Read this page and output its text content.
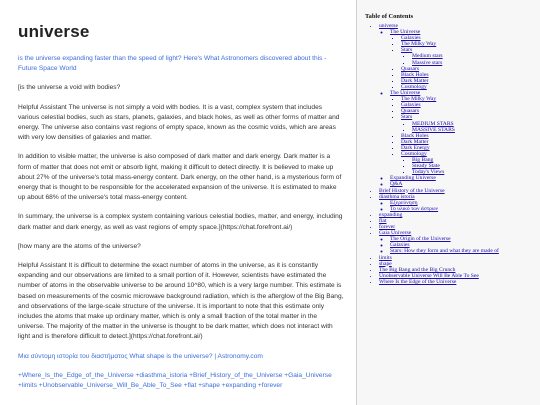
universe

is the universe expanding faster than the speed of light? Here's What Astronomers discovered about this - Future Space World

[is the universe a void with bodies?

Helpful Assistant The universe is not simply a void with bodies. It is a vast, complex system that includes various celestial bodies, such as stars, planets, galaxies, and black holes, as well as other forms of matter and energy. The universe also contains vast regions of empty space, known as the cosmic voids, which are areas with very low densities of galaxies and matter.

In addition to visible matter, the universe is also composed of dark matter and dark energy. Dark matter is a form of matter that does not emit or absorb light, making it difficult to detect directly. It is believed to make up about 27% of the universe's total mass-energy content. Dark energy, on the other hand, is a mysterious form of energy that is thought to be responsible for the accelerated expansion of the universe. It is estimated to make up about 68% of the universe's total mass-energy content.

In summary, the universe is a complex system containing various celestial bodies, matter, and energy, including dark matter and dark energy, as well as vast regions of empty space.](https://chat.forefront.ai/)

[how many are the atoms of the universe?

Helpful Assistant It is difficult to determine the exact number of atoms in the universe, as it is constantly expanding and our observations are limited to a small portion of it. However, scientists have estimated the number of atoms in the observable universe to be around 10^80, which is a very large number. This estimate is based on measurements of the cosmic microwave background radiation, which is the afterglow of the Big Bang, and observations of the large-scale structure of the universe. It is important to note that this estimate only includes the atoms that make up ordinary matter, which is only a small fraction of the total matter in the universe. The majority of the matter in the universe is thought to be dark matter, which does not interact with light and is therefore difficult to detect.](https://chat.forefront.ai/)

Μια σύντομη ιστορία του διαστήματος What shape is the universe? | Astronomy.com

+Where_Is_the_Edge_of_the_Universe +diasthma_istoria +Brief_History_of_the_Universe +Gaia_Universe +limits +Unobservable_Universe_Will_Be_Able_To_See +flat +shape +expanding +forever
Table of Contents
• universe
◦ The Universe
▪ Galaxies
▪ The Milky Way
▪ Stars
▪ Medium stars
▪ Massive stars
▪ Quasars
▪ Black Holes
▪ Dark Matter
▪ Cosmology
◦ The Universe
▪ The Milky Way
▪ Galaxies
▪ Quasars
▪ Stars
▪ MEDIUM STARS
▪ MASSIVE STARS
▪ Black Holes
▪ Dark Matter
▪ Dark Energy
▪ Cosmology
▪ Big Bang
▪ Steady State
▪ Today's Views
◦ Expanding Universe
◦ Q&A
• Brief History of the Universe
• diasthma istoria
◦ Εξερεύνηση
◦ Το υλικό των άστρων
• expanding
• flat
• forever
• Gaia Universe
◦ The Origin of the Universe
◦ Galaxies
◦ Stars: How they form and what they are made of
• limits
• shape
• The Big Bang and the Big Crunch
• Unobservable Universe Will Be Able To See
• Where Is the Edge of the Universe
